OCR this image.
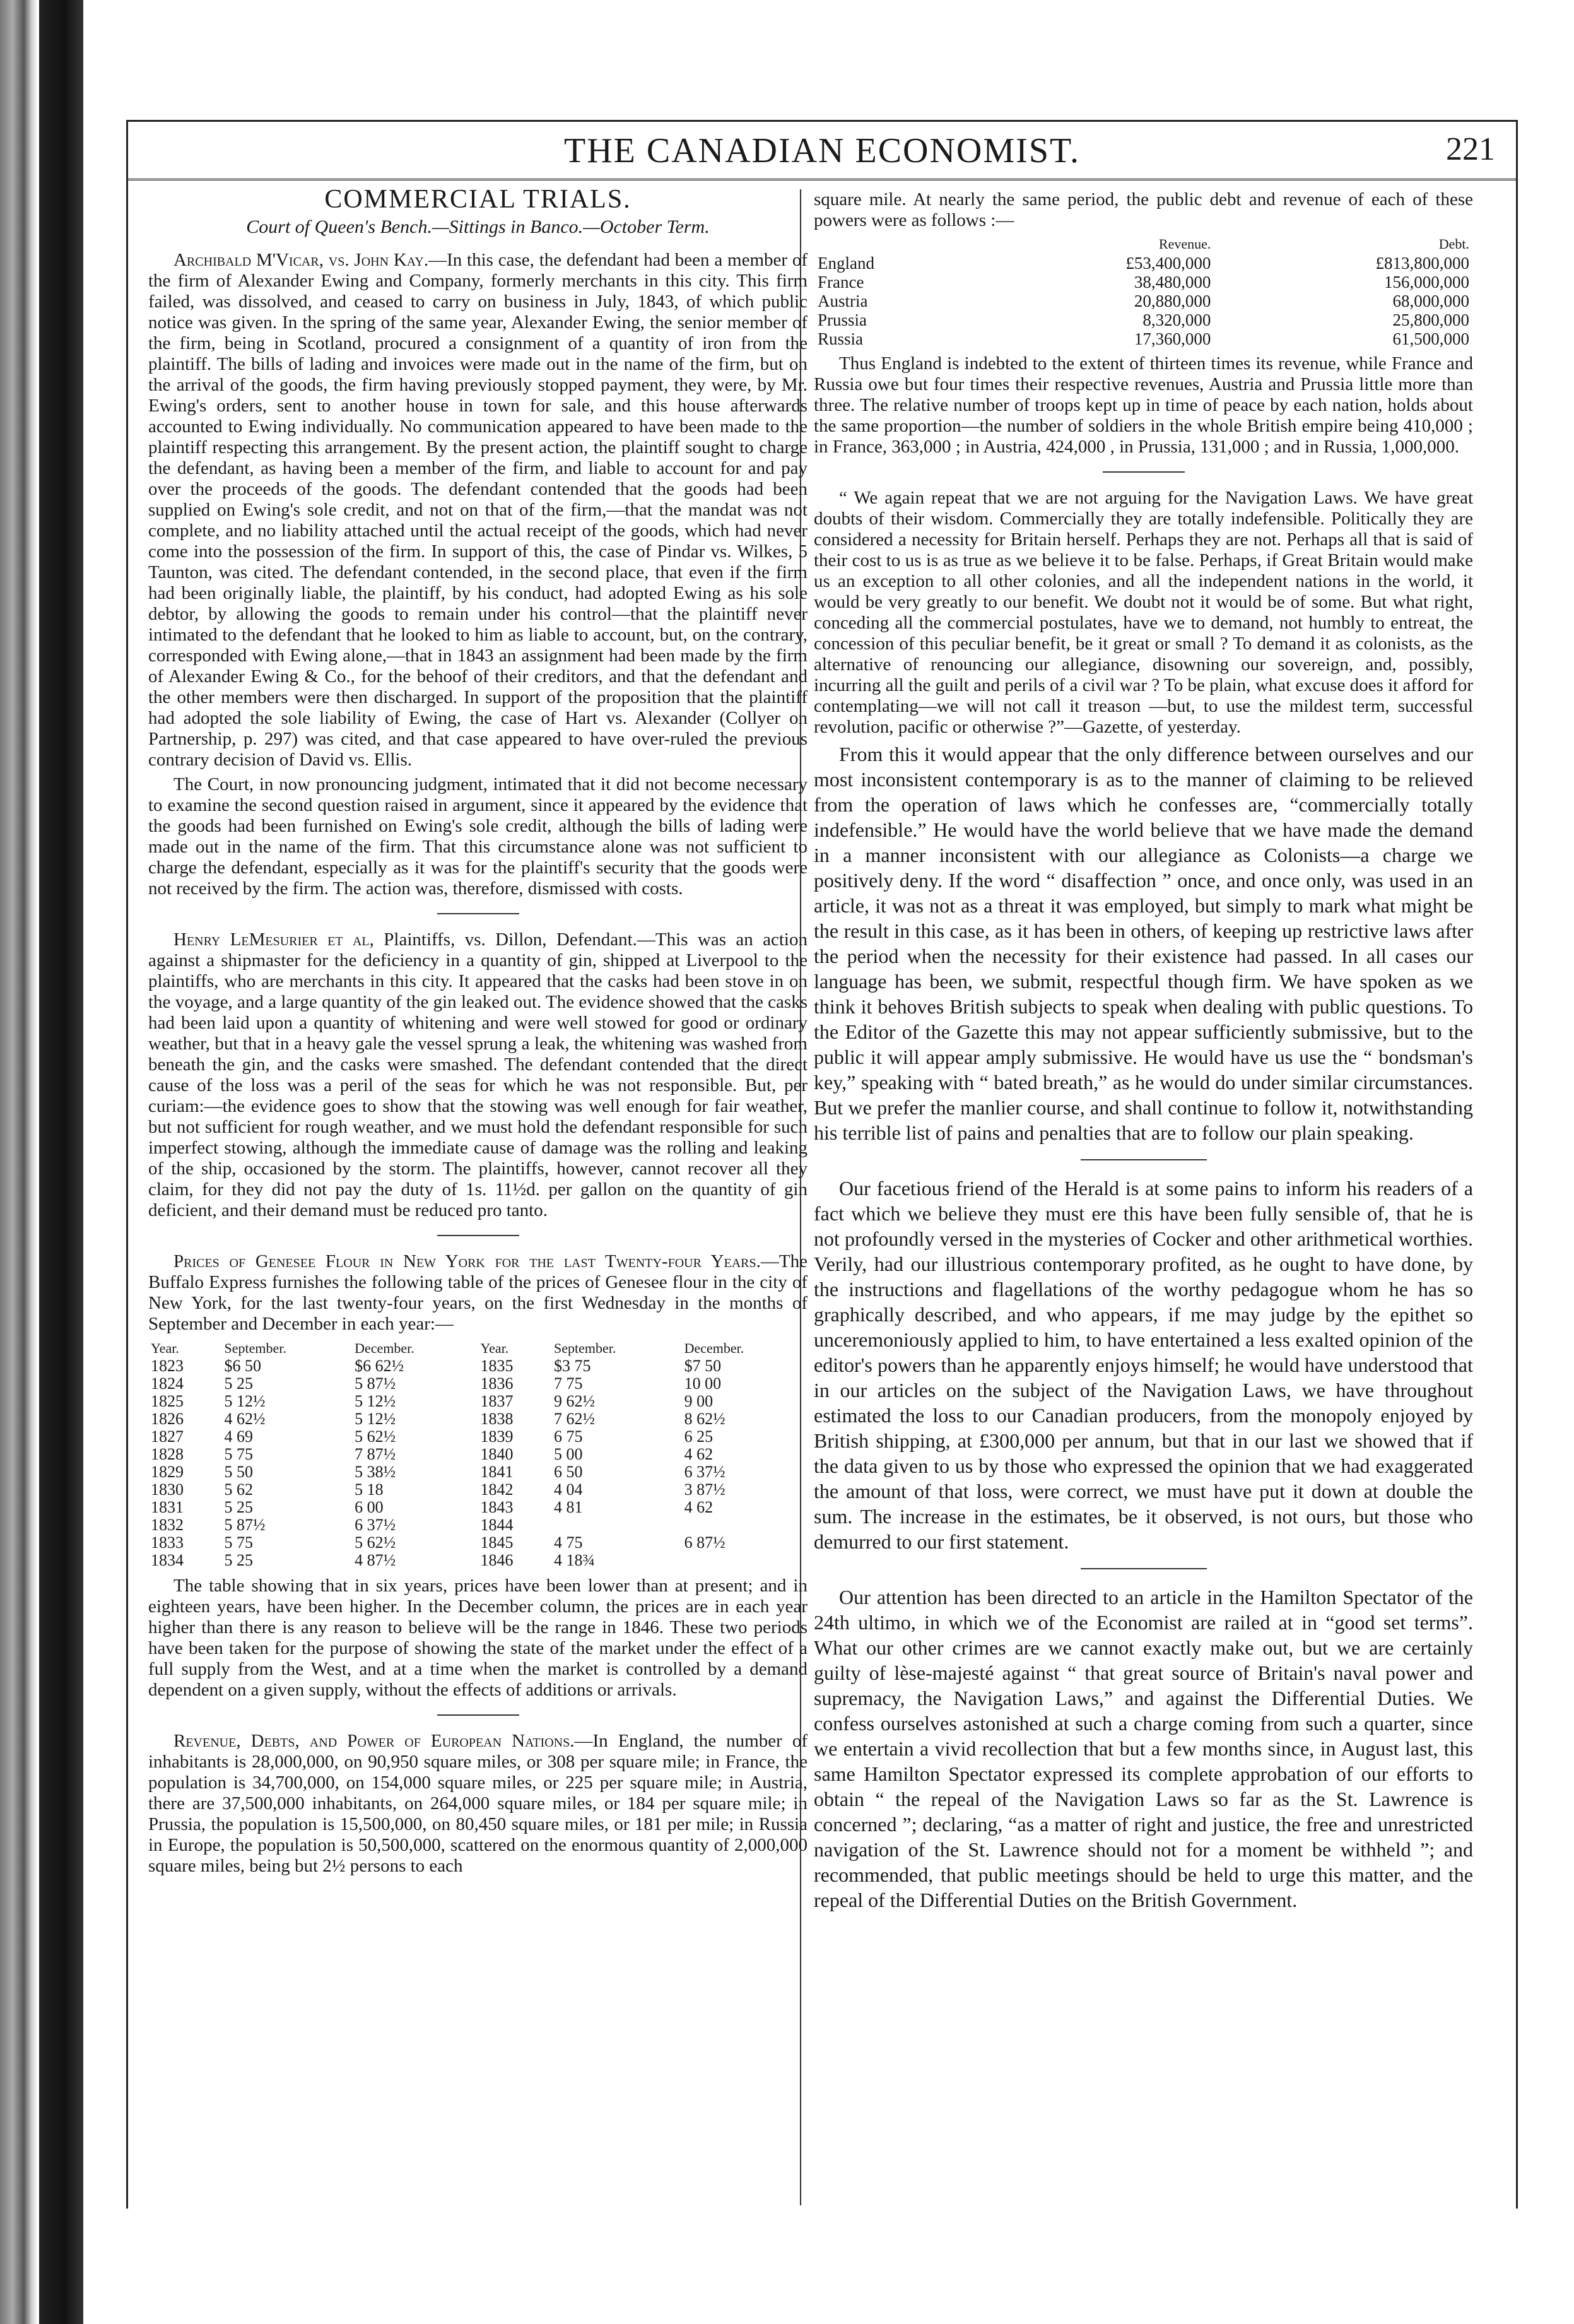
THE CANADIAN ECONOMIST.	221
COMMERCIAL TRIALS.
Court of Queen's Bench.—Sittings in Banco.—October Term.

Archibald M'Vicar, vs. John Kay.—In this case, the defendant had been a member of the firm of Alexander Ewing and Company, formerly merchants in this city. This firm failed, was dissolved, and ceased to carry on business in July, 1843, of which public notice was given. In the spring of the same year, Alexander Ewing, the senior member of the firm, being in Scotland, procured a consignment of a quantity of iron from the plaintiff. The bills of lading and invoices were made out in the name of the firm, but on the arrival of the goods, the firm having previously stopped payment, they were, by Mr. Ewing's orders, sent to another house in town for sale, and this house afterwards accounted to Ewing individually. No communication appeared to have been made to the plaintiff respecting this arrangement. By the present action, the plaintiff sought to charge the defendant, as having been a member of the firm, and liable to account for and pay over the proceeds of the goods. The defendant contended that the goods had been supplied on Ewing's sole credit, and not on that of the firm,—that the mandat was not complete, and no liability attached until the actual receipt of the goods, which had never come into the possession of the firm. In support of this, the case of Pindar vs. Wilkes, 5 Taunton, was cited. The defendant contended, in the second place, that even if the firm had been originally liable, the plaintiff, by his conduct, had adopted Ewing as his sole debtor, by allowing the goods to remain under his control—that the plaintiff never intimated to the defendant that he looked to him as liable to account, but, on the contrary, corresponded with Ewing alone,—that in 1843 an assignment had been made by the firm of Alexander Ewing & Co., for the behoof of their creditors, and that the defendant and the other members were then discharged. In support of the proposition that the plaintiff had adopted the sole liability of Ewing, the case of Hart vs. Alexander (Collyer on Partnership, p. 297) was cited, and that case appeared to have over-ruled the previous contrary decision of David vs. Ellis.

The Court, in now pronouncing judgment, intimated that it did not become necessary to examine the second question raised in argument, since it appeared by the evidence that the goods had been furnished on Ewing's sole credit, although the bills of lading were made out in the name of the firm. That this circumstance alone was not sufficient to charge the defendant, especially as it was for the plaintiff's security that the goods were not received by the firm. The action was, therefore, dismissed with costs.

Henry LeMesurier et al, Plaintiffs, vs. Dillon, Defendant.—This was an action against a shipmaster for the deficiency in a quantity of gin, shipped at Liverpool to the plaintiffs, who are merchants in this city. It appeared that the casks had been stove in on the voyage, and a large quantity of the gin leaked out. The evidence showed that the casks had been laid upon a quantity of whitening and were well stowed for good or ordinary weather, but that in a heavy gale the vessel sprung a leak, the whitening was washed from beneath the gin, and the casks were smashed. The defendant contended that the direct cause of the loss was a peril of the seas for which he was not responsible. But, per curiam:—the evidence goes to show that the stowing was well enough for fair weather, but not sufficient for rough weather, and we must hold the defendant responsible for such imperfect stowing, although the immediate cause of damage was the rolling and leaking of the ship, occasioned by the storm. The plaintiffs, however, cannot recover all they claim, for they did not pay the duty of 1s. 11½d. per gallon on the quantity of gin deficient, and their demand must be reduced pro tanto.

Prices of Genesee Flour in New York for the last Twenty-four Years.—The Buffalo Express furnishes the following table of the prices of Genesee flour in the city of New York, for the last twenty-four years, on the first Wednesday in the months of September and December in each year:—

Year.	September.	December.	Year.	September.	December.
1823	$6 50	$6 62½	1835	$3 75	$7 50
1824	5 25	5 87½	1836	7 75	10 00
1825	5 12½	5 12½	1837	9 62½	9 00
1826	4 62½	5 12½	1838	7 62½	8 62½
1827	4 69	5 62½	1839	6 75	6 25
1828	5 75	7 87½	1840	5 00	4 62
1829	5 50	5 38½	1841	6 50	6 37½
1830	5 62	5 18	1842	4 04	3 87½
1831	5 25	6 00	1843	4 81	4 62
1832	5 87½	6 37½	1844		
1833	5 75	5 62½	1845	4 75	6 87½
1834	5 25	4 87½	1846	4 18¾	

The table showing that in six years, prices have been lower than at present; and in eighteen years, have been higher. In the December column, the prices are in each year higher than there is any reason to believe will be the range in 1846. These two periods have been taken for the purpose of showing the state of the market under the effect of a full supply from the West, and at a time when the market is controlled by a demand dependent on a given supply, without the effects of additions or arrivals.

Revenue, Debts, and Power of European Nations.—In England, the number of inhabitants is 28,000,000, on 90,950 square miles, or 308 per square mile; in France, the population is 34,700,000, on 154,000 square miles, or 225 per square mile; in Austria, there are 37,500,000 inhabitants, on 264,000 square miles, or 184 per square mile; in Prussia, the population is 15,500,000, on 80,450 square miles, or 181 per mile; in Russia in Europe, the population is 50,500,000, scattered on the enormous quantity of 2,000,000 square miles, being but 2½ persons to each

square mile. At nearly the same period, the public debt and revenue of each of these powers were as follows :—

	Revenue.	Debt.
England	£53,400,000	£813,800,000
France	38,480,000	156,000,000
Austria	20,880,000	68,000,000
Prussia	8,320,000	25,800,000
Russia	17,360,000	61,500,000

Thus England is indebted to the extent of thirteen times its revenue, while France and Russia owe but four times their respective revenues, Austria and Prussia little more than three. The relative number of troops kept up in time of peace by each nation, holds about the same proportion—the number of soldiers in the whole British empire being 410,000 ; in France, 363,000 ; in Austria, 424,000 , in Prussia, 131,000 ; and in Russia, 1,000,000.

“ We again repeat that we are not arguing for the Navigation Laws. We have great doubts of their wisdom. Commercially they are totally indefensible. Politically they are considered a necessity for Britain herself. Perhaps they are not. Perhaps all that is said of their cost to us is as true as we believe it to be false. Perhaps, if Great Britain would make us an exception to all other colonies, and all the independent nations in the world, it would be very greatly to our benefit. We doubt not it would be of some. But what right, conceding all the commercial postulates, have we to demand, not humbly to entreat, the concession of this peculiar benefit, be it great or small ? To demand it as colonists, as the alternative of renouncing our allegiance, disowning our sovereign, and, possibly, incurring all the guilt and perils of a civil war ? To be plain, what excuse does it afford for contemplating—we will not call it treason —but, to use the mildest term, successful revolution, pacific or otherwise ?”—Gazette, of yesterday.

From this it would appear that the only difference between ourselves and our most inconsistent contemporary is as to the manner of claiming to be relieved from the operation of laws which he confesses are, “commercially totally indefensible.” He would have the world believe that we have made the demand in a manner inconsistent with our allegiance as Colonists—a charge we positively deny. If the word “ disaffection ” once, and once only, was used in an article, it was not as a threat it was employed, but simply to mark what might be the result in this case, as it has been in others, of keeping up restrictive laws after the period when the necessity for their existence had passed. In all cases our language has been, we submit, respectful though firm. We have spoken as we think it behoves British subjects to speak when dealing with public questions. To the Editor of the Gazette this may not appear sufficiently submissive, but to the public it will appear amply submissive. He would have us use the “ bondsman's key,” speaking with “ bated breath,” as he would do under similar circumstances. But we prefer the manlier course, and shall continue to follow it, notwithstanding his terrible list of pains and penalties that are to follow our plain speaking.

Our facetious friend of the Herald is at some pains to inform his readers of a fact which we believe they must ere this have been fully sensible of, that he is not profoundly versed in the mysteries of Cocker and other arithmetical worthies. Verily, had our illustrious contemporary profited, as he ought to have done, by the instructions and flagellations of the worthy pedagogue whom he has so graphically described, and who appears, if me may judge by the epithet so unceremoniously applied to him, to have entertained a less exalted opinion of the editor's powers than he apparently enjoys himself; he would have understood that in our articles on the subject of the Navigation Laws, we have throughout estimated the loss to our Canadian producers, from the monopoly enjoyed by British shipping, at £300,000 per annum, but that in our last we showed that if the data given to us by those who expressed the opinion that we had exaggerated the amount of that loss, were correct, we must have put it down at double the sum. The increase in the estimates, be it observed, is not ours, but those who demurred to our first statement.

Our attention has been directed to an article in the Hamilton Spectator of the 24th ultimo, in which we of the Economist are railed at in “good set terms”. What our other crimes are we cannot exactly make out, but we are certainly guilty of lèse-majesté against “ that great source of Britain's naval power and supremacy, the Navigation Laws,” and against the Differential Duties. We confess ourselves astonished at such a charge coming from such a quarter, since we entertain a vivid recollection that but a few months since, in August last, this same Hamilton Spectator expressed its complete approbation of our efforts to obtain “ the repeal of the Navigation Laws so far as the St. Lawrence is concerned ”; declaring, “as a matter of right and justice, the free and unrestricted navigation of the St. Lawrence should not for a moment be withheld ”; and recommended, that public meetings should be held to urge this matter, and the repeal of the Differential Duties on the British Government.
